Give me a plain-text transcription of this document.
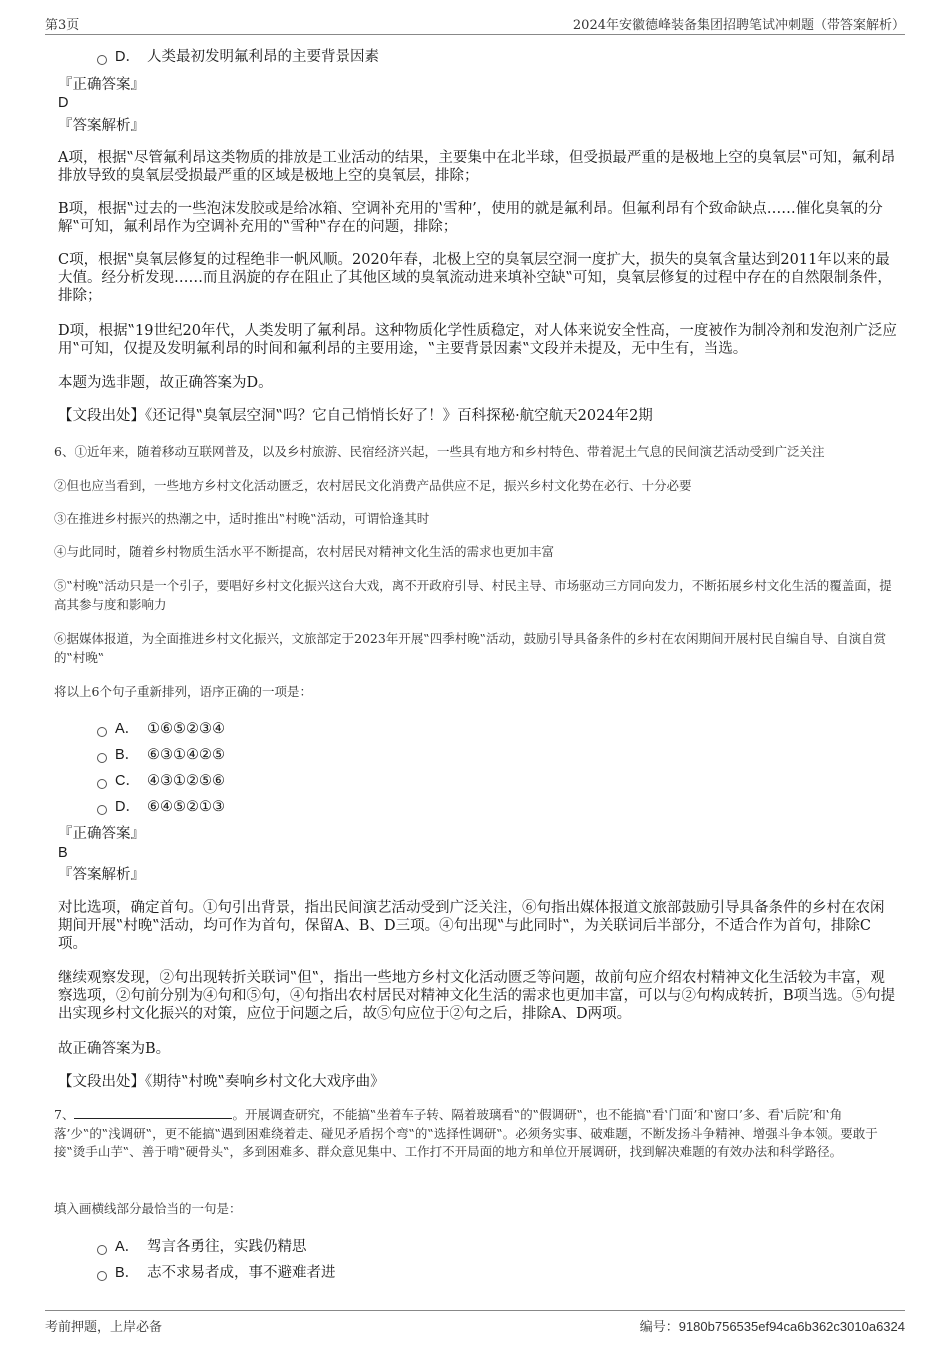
第3页	2024年安徽德峰装备集团招聘笔试冲刺题（带答案解析）
D． 人类最初发明氟利昂的主要背景因素
『正确答案』
D
『答案解析』
A项，根据‟尽管氟利昂这类物质的排放是工业活动的结果，主要集中在北半球，但受损最严重的是极地上空的臭氧层‟可知，氟利昂排放导致的臭氧层受损最严重的区域是极地上空的臭氧层，排除；
B项，根据‟过去的一些泡沫发胶或是给冰箱、空调补充用的‛雪种’，使用的就是氟利昂。但氟利昂有个致命缺点……催化臭氧的分解‟可知，氟利昂作为空调补充用的‟雪种‟存在的问题，排除；
C项，根据‟臭氧层修复的过程绝非一帆风顺。2020年春，北极上空的臭氧层空洞一度扩大，损失的臭氧含量达到2011年以来的最大值。经分析发现……而且涡旋的存在阻止了其他区域的臭氧流动进来填补空缺‟可知，臭氧层修复的过程中存在的自然限制条件，排除；
D项，根据‟19世纪20年代，人类发明了氟利昂。这种物质化学性质稳定，对人体来说安全性高，一度被作为制冷剂和发泡剂广泛应用‟可知，仅提及发明氟利昂的时间和氟利昂的主要用途，‟主要背景因素‟文段并未提及，无中生有，当选。
本题为选非题，故正确答案为D。
【文段出处】《还记得‟臭氧层空洞‟吗？它自己悄悄长好了！》百科探秘·航空航天2024年2期
6、①近年来，随着移动互联网普及，以及乡村旅游、民宿经济兴起，一些具有地方和乡村特色、带着泥土气息的民间演艺活动受到广泛关注
②但也应当看到，一些地方乡村文化活动匮乏，农村居民文化消费产品供应不足，振兴乡村文化势在必行、十分必要
③在推进乡村振兴的热潮之中，适时推出‟村晚‟活动，可谓恰逢其时
④与此同时，随着乡村物质生活水平不断提高，农村居民对精神文化生活的需求也更加丰富
⑤‟村晚‟活动只是一个引子，要唱好乡村文化振兴这台大戏，离不开政府引导、村民主导、市场驱动三方同向发力，不断拓展乡村文化生活的覆盖面，提高其参与度和影响力
⑥据媒体报道，为全面推进乡村文化振兴，文旅部定于2023年开展‟四季村晚‟活动，鼓励引导具备条件的乡村在农闲期间开展村民自编自导、自演自赏的‟村晚‟
将以上6个句子重新排列，语序正确的一项是：
A． ①⑥⑤②③④
B． ⑥③①④②⑤
C． ④③①②⑤⑥
D． ⑥④⑤②①③
『正确答案』
B
『答案解析』
对比选项，确定首句。①句引出背景，指出民间演艺活动受到广泛关注，⑥句指出媒体报道文旅部鼓励引导具备条件的乡村在农闲期间开展‟村晚‟活动，均可作为首句，保留A、B、D三项。④句出现‟与此同时‟，为关联词后半部分，不适合作为首句，排除C项。
继续观察发现，②句出现转折关联词‟但‟，指出一些地方乡村文化活动匮乏等问题，故前句应介绍农村精神文化生活较为丰富，观察选项，②句前分别为④句和⑤句，④句指出农村居民对精神文化生活的需求也更加丰富，可以与②句构成转折，B项当选。⑤句提出实现乡村文化振兴的对策，应位于问题之后，故⑤句应位于②句之后，排除A、D两项。
故正确答案为B。
【文段出处】《期待‟村晚‟奏响乡村文化大戏序曲》
7、	。开展调查研究，不能搞‟坐着车子转、隔着玻璃看‟的‟假调研‟，也不能搞‟看‛门面’和‛窗口’多、看‛后院’和‛角落’少‟的‟浅调研‟，更不能搞‟遇到困难绕着走、碰见矛盾拐个弯‟的‟选择性调研‟。必须务实事、破难题，不断发扬斗争精神、增强斗争本领。要敢于接‟烫手山芋‟、善于啃‟硬骨头‟，多到困难多、群众意见集中、工作打不开局面的地方和单位开展调研，找到解决难题的有效办法和科学路径。
填入画横线部分最恰当的一句是：
A． 驾言各勇往，实践仍精思
B． 志不求易者成，事不避难者进
考前押题，上岸必备	编号：9180b756535ef94ca6b362c3010a6324
